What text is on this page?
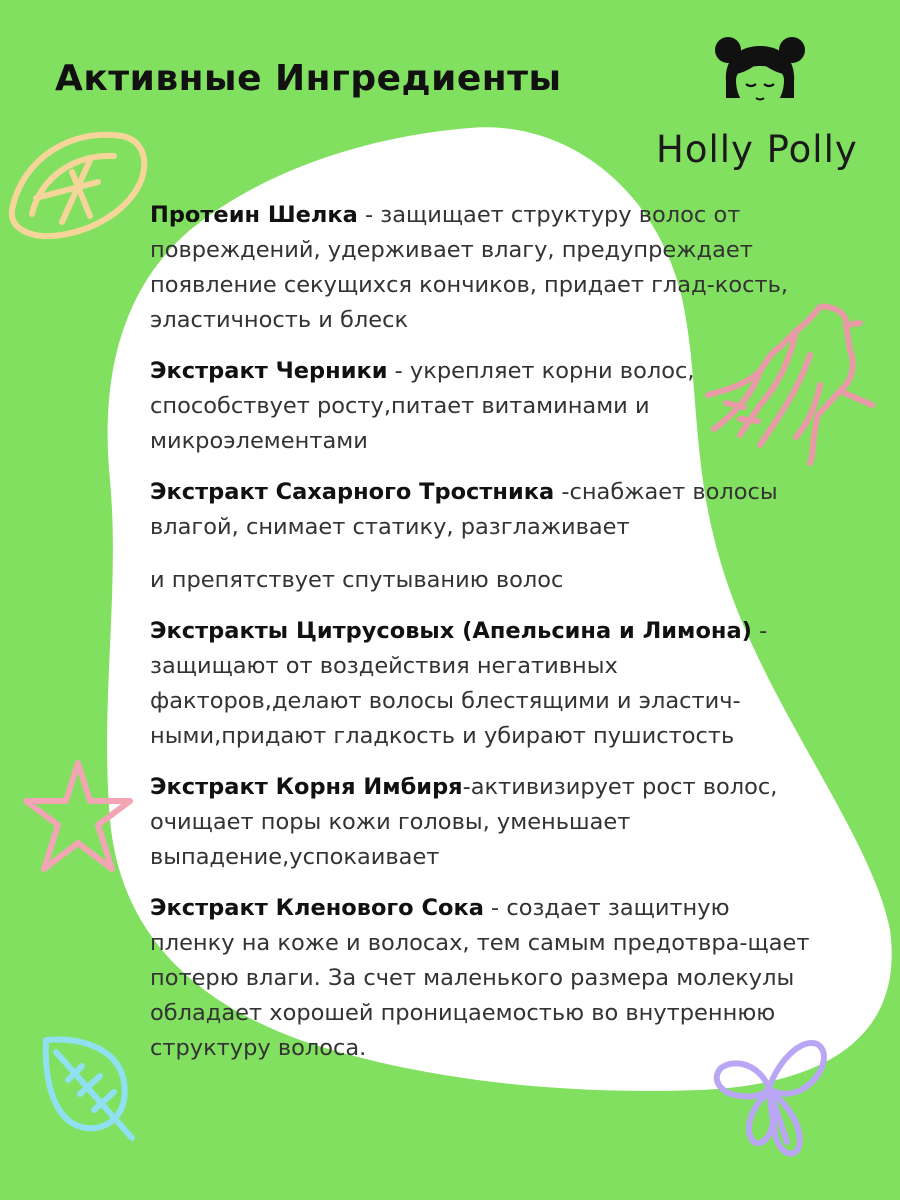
Активные Ингредиенты
Holly Polly

Протеин Шелка - защищает структуру волос от повреждений, удерживает влагу, предупреждает появление секущихся кончиков, придает глад-кость, эластичность и блеск

Экстракт Черники - укрепляет корни волос, способствует росту,питает витаминами и микроэлементами

Экстракт Сахарного Тростника -снабжает волосы влагой, снимает статику, разглаживает
и препятствует спутыванию волос

Экстракты Цитрусовых (Апельсина и Лимона) - защищают от воздействия негативных факторов,делают волосы блестящими и эластич-ными,придают гладкость и убирают пушистость

Экстракт Корня Имбиря-активизирует рост волос, очищает поры кожи головы, уменьшает выпадение,успокаивает

Экстракт Кленового Сока - создает защитную пленку на коже и волосах, тем самым предотвра-щает потерю влаги. За счет маленького размера молекулы обладает хорошей проницаемостью во внутреннюю структуру волоса.
